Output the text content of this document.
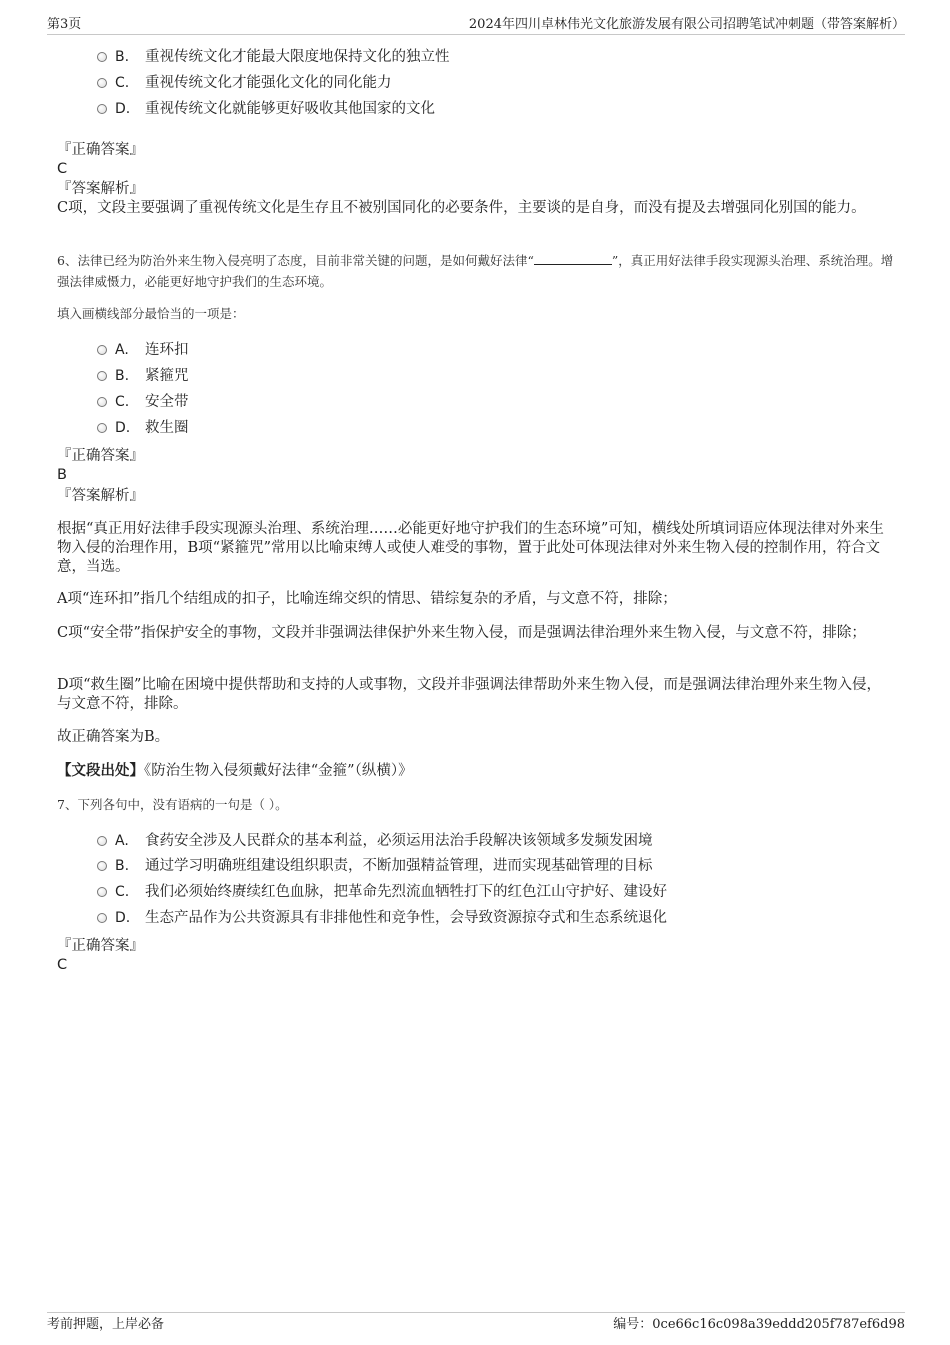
第3页	2024年四川卓林伟光文化旅游发展有限公司招聘笔试冲刺题（带答案解析）
B. 重视传统文化才能最大限度地保持文化的独立性
C. 重视传统文化才能强化文化的同化能力
D. 重视传统文化就能够更好吸收其他国家的文化
『正确答案』
C
『答案解析』
C项，文段主要强调了重视传统文化是生存且不被别国同化的必要条件，主要谈的是自身，而没有提及去增强同化别国的能力。
6、法律已经为防治外来生物入侵亮明了态度，目前非常关键的问题，是如何戴好法律“	”，真正用好法律手段实现源头治理、系统治理。增强法律威慑力，必能更好地守护我们的生态环境。
填入画横线部分最恰当的一项是：
A. 连环扣
B. 紧箍咒
C. 安全带
D. 救生圈
『正确答案』
B
『答案解析』
根据“真正用好法律手段实现源头治理、系统治理……必能更好地守护我们的生态环境”可知，横线处所填词语应体现法律对外来生物入侵的治理作用，B项“紧箍咒”常用以比喻束缚人或使人难受的事物，置于此处可体现法律对外来生物入侵的控制作用，符合文意，当选。
A项“连环扣”指几个结组成的扣子，比喻连绵交织的情思、错综复杂的矛盾，与文意不符，排除；
C项“安全带”指保护安全的事物，文段并非强调法律保护外来生物入侵，而是强调法律治理外来生物入侵，与文意不符，排除；
D项“救生圈”比喻在困境中提供帮助和支持的人或事物，文段并非强调法律帮助外来生物入侵，而是强调法律治理外来生物入侵，与文意不符，排除。
故正确答案为B。
【文段出处】《防治生物入侵须戴好法律“金箍”（纵横）》
7、下列各句中，没有语病的一句是（ ）。
A. 食药安全涉及人民群众的基本利益，必须运用法治手段解决该领域多发频发困境
B. 通过学习明确班组建设组织职责，不断加强精益管理，进而实现基础管理的目标
C. 我们必须始终赓续红色血脉，把革命先烈流血牺牲打下的红色江山守护好、建设好
D. 生态产品作为公共资源具有非排他性和竞争性，会导致资源掠夺式和生态系统退化
『正确答案』
C
考前押题，上岸必备	编号：0ce66c16c098a39eddd205f787ef6d98
